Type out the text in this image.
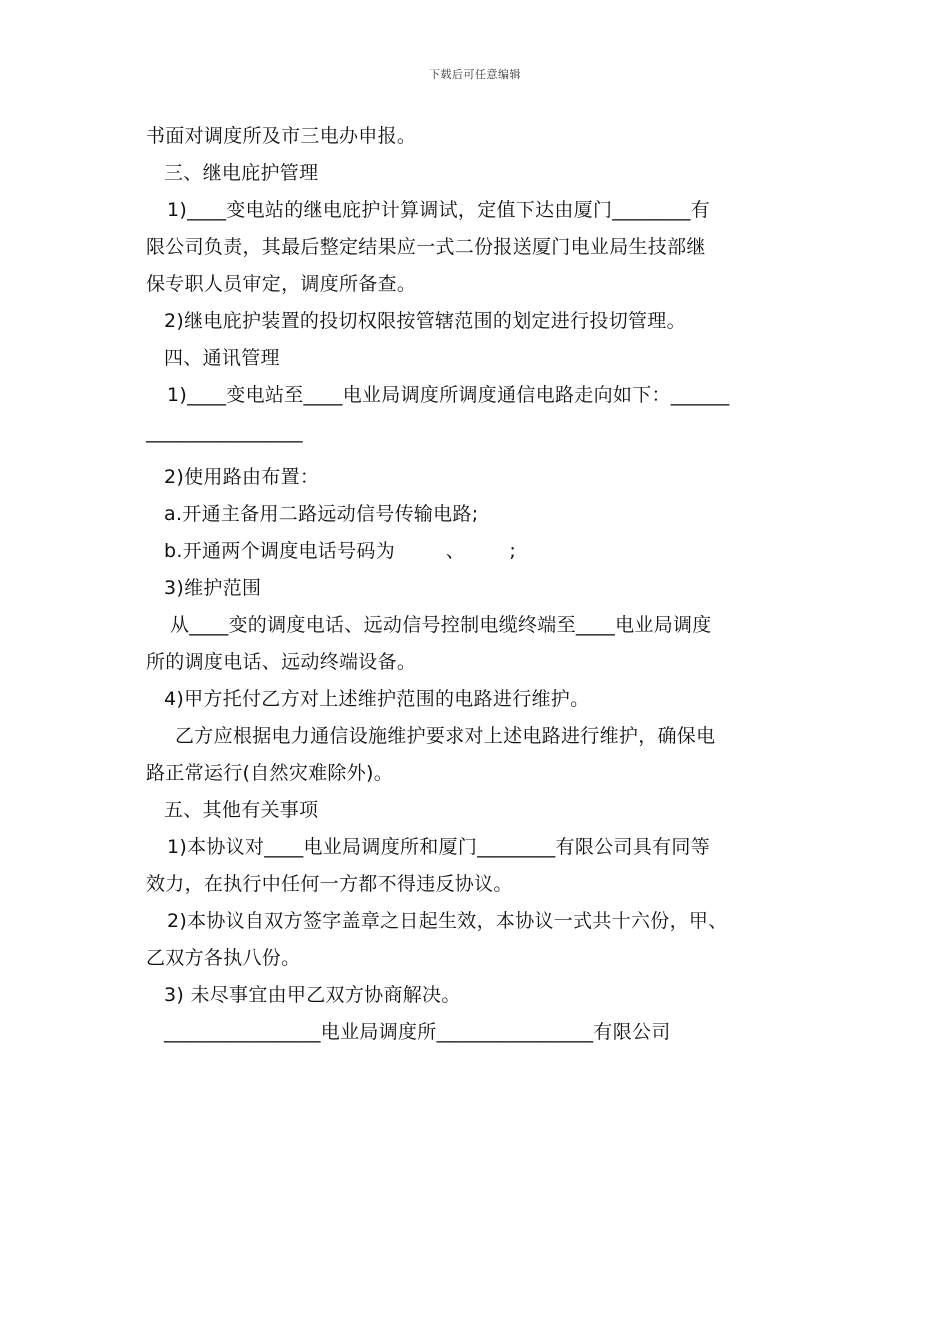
下载后可任意编辑
书面对调度所及市三电办申报。
三、继电庇护管理
1)____变电站的继电庇护计算调试，定值下达由厦门________有
限公司负责，其最后整定结果应一式二份报送厦门电业局生技部继
保专职人员审定，调度所备查。
2)继电庇护装置的投切权限按管辖范围的划定进行投切管理。
四、通讯管理
1)____变电站至____电业局调度所调度通信电路走向如下：______
________________
2)使用路由布置：
a.开通主备用二路远动信号传输电路;
b.开通两个调度电话号码为        、       ;
3)维护范围
从____变的调度电话、远动信号控制电缆终端至____电业局调度
所的调度电话、远动终端设备。
4)甲方托付乙方对上述维护范围的电路进行维护。
乙方应根据电力通信设施维护要求对上述电路进行维护，确保电
路正常运行(自然灾难除外)。
五、其他有关事项
1)本协议对____电业局调度所和厦门________有限公司具有同等
效力，在执行中任何一方都不得违反协议。
2)本协议自双方签字盖章之日起生效，本协议一式共十六份，甲、
乙双方各执八份。
3) 未尽事宜由甲乙双方协商解决。
________________电业局调度所________________有限公司
